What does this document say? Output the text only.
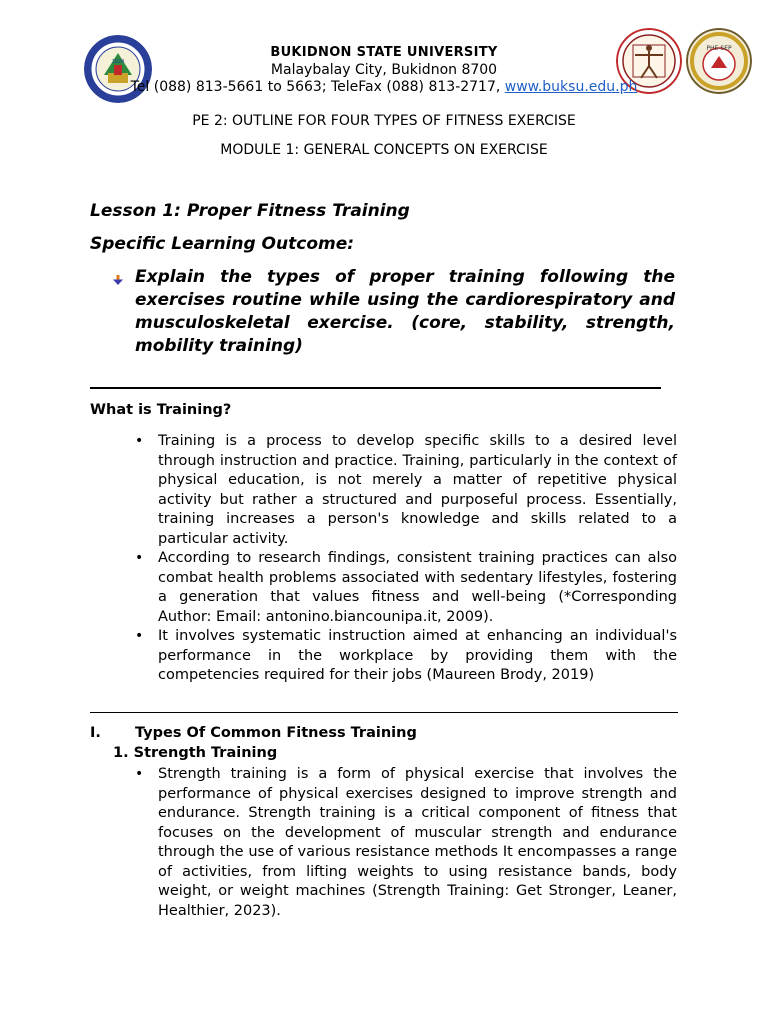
1924
PHE-SEP
BUKIDNON STATE UNIVERSITY
Malaybalay City, Bukidnon 8700
Tel (088) 813-5661 to 5663; TeleFax (088) 813-2717, www.buksu.edu.ph
PE 2: OUTLINE FOR FOUR TYPES OF FITNESS EXERCISE
MODULE 1: GENERAL CONCEPTS ON EXERCISE
Lesson 1: Proper Fitness Training
Specific Learning Outcome:
Explain the types of proper training following the exercises routine while using the cardiorespiratory and musculoskeletal exercise. (core, stability, strength, mobility training)
What is Training?
• Training is a process to develop specific skills to a desired level through instruction and practice. Training, particularly in the context of physical education, is not merely a matter of repetitive physical activity but rather a structured and purposeful process. Essentially, training increases a person's knowledge and skills related to a particular activity.
• According to research findings, consistent training practices can also combat health problems associated with sedentary lifestyles, fostering a generation that values fitness and well-being (*Corresponding Author: Email: antonino.biancounipa.it, 2009).
• It involves systematic instruction aimed at enhancing an individual's performance in the workplace by providing them with the competencies required for their jobs (Maureen Brody, 2019)
I. Types Of Common Fitness Training
1. Strength Training
• Strength training is a form of physical exercise that involves the performance of physical exercises designed to improve strength and endurance. Strength training is a critical component of fitness that focuses on the development of muscular strength and endurance through the use of various resistance methods It encompasses a range of activities, from lifting weights to using resistance bands, body weight, or weight machines (Strength Training: Get Stronger, Leaner, Healthier, 2023).
